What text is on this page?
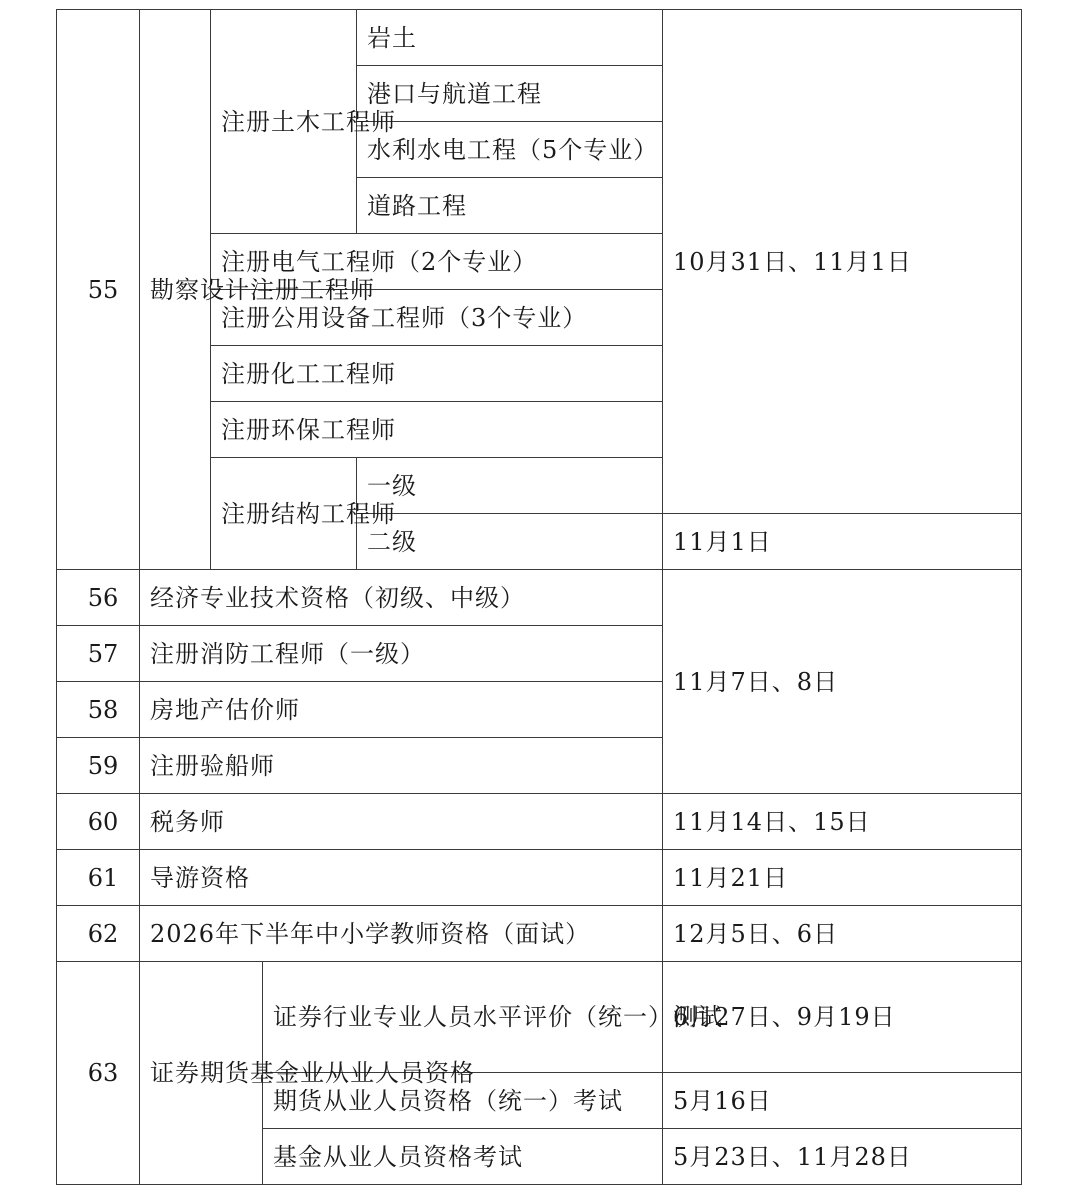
55	勘察设计注册工程师	注册土木工程师		岩土	10月31日、11月1日
				港口与航道工程	
				水利水电工程（5个专业）	
				道路工程	
		注册电气工程师（2个专业）			
		注册公用设备工程师（3个专业）			
		注册化工工程师			
		注册环保工程师			
		注册结构工程师		一级	
				二级	11月1日
56	经济专业技术资格（初级、中级）				11月7日、8日
57	注册消防工程师（一级）				
58	房地产估价师				
59	注册验船师				
60	税务师				11月14日、15日
61	导游资格				11月21日
62	2026年下半年中小学教师资格（面试）				12月5日、6日
63	证券期货基金业从业人员资格		证券行业专业人员水平评价（统一）测试		6月27日、9月19日
			期货从业人员资格（统一）考试		5月16日
			基金从业人员资格考试		5月23日、11月28日
